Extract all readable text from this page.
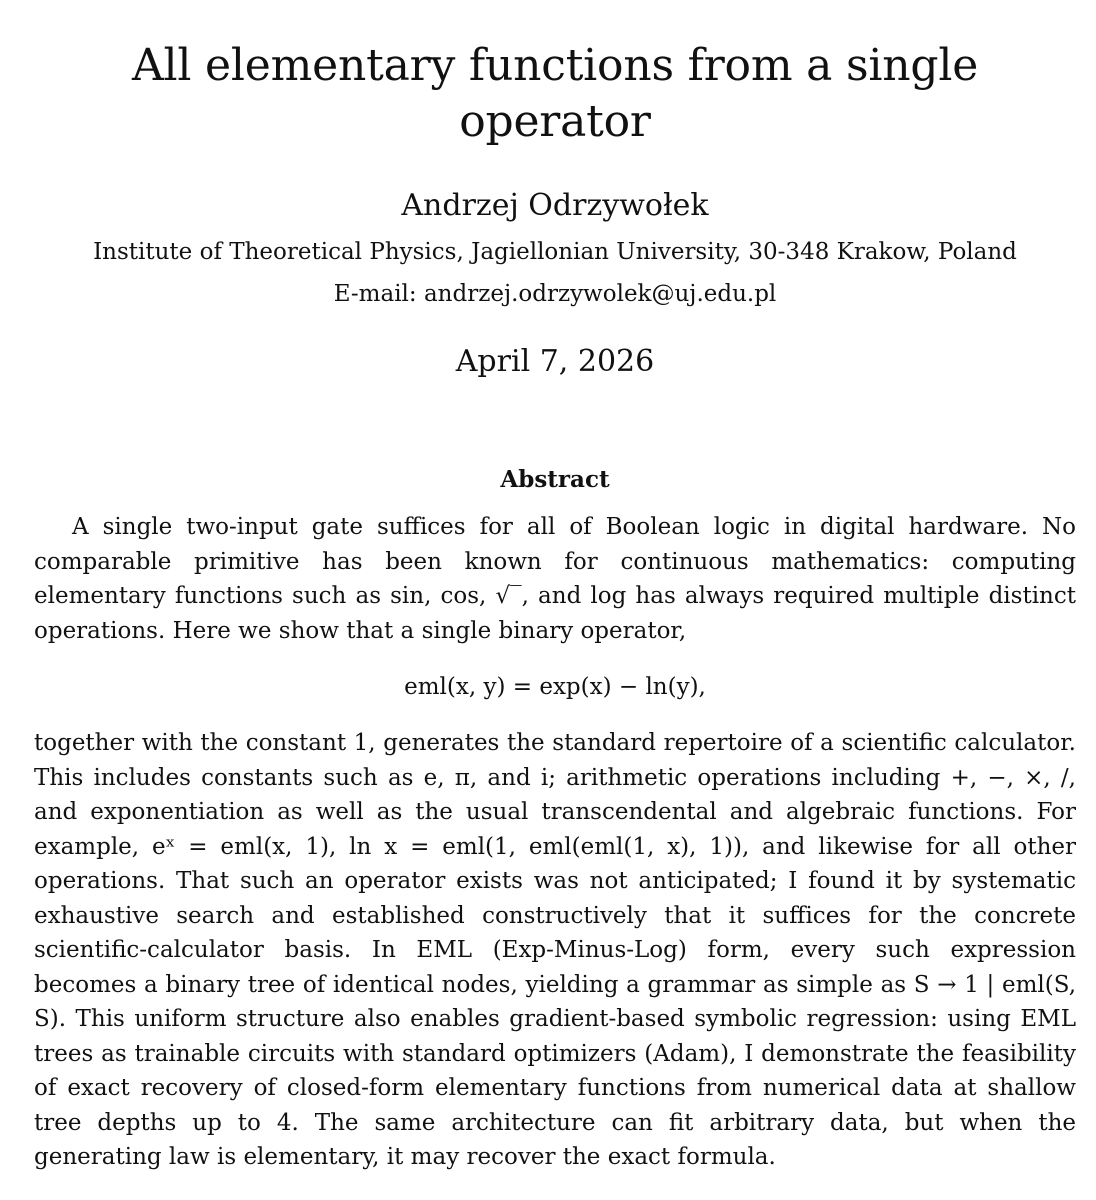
All elementary functions from a single operator
Andrzej Odrzywołek
Institute of Theoretical Physics, Jagiellonian University, 30-348 Krakow, Poland
E-mail: andrzej.odrzywolek@uj.edu.pl
April 7, 2026
Abstract

A single two-input gate suffices for all of Boolean logic in digital hardware. No comparable primitive has been known for continuous mathematics: computing elementary functions such as sin, cos, √‾, and log has always required multiple distinct operations. Here we show that a single binary operator,

eml(x, y) = exp(x) − ln(y),

together with the constant 1, generates the standard repertoire of a scientific calculator. This includes constants such as e, π, and i; arithmetic operations including +, −, ×, /, and exponentiation as well as the usual transcendental and algebraic functions. For example, eˣ = eml(x, 1), ln x = eml(1, eml(eml(1, x), 1)), and likewise for all other operations. That such an operator exists was not anticipated; I found it by systematic exhaustive search and established constructively that it suffices for the concrete scientific-calculator basis. In EML (Exp-Minus-Log) form, every such expression becomes a binary tree of identical nodes, yielding a grammar as simple as S → 1 | eml(S, S). This uniform structure also enables gradient-based symbolic regression: using EML trees as trainable circuits with standard optimizers (Adam), I demonstrate the feasibility of exact recovery of closed-form elementary functions from numerical data at shallow tree depths up to 4. The same architecture can fit arbitrary data, but when the generating law is elementary, it may recover the exact formula.
